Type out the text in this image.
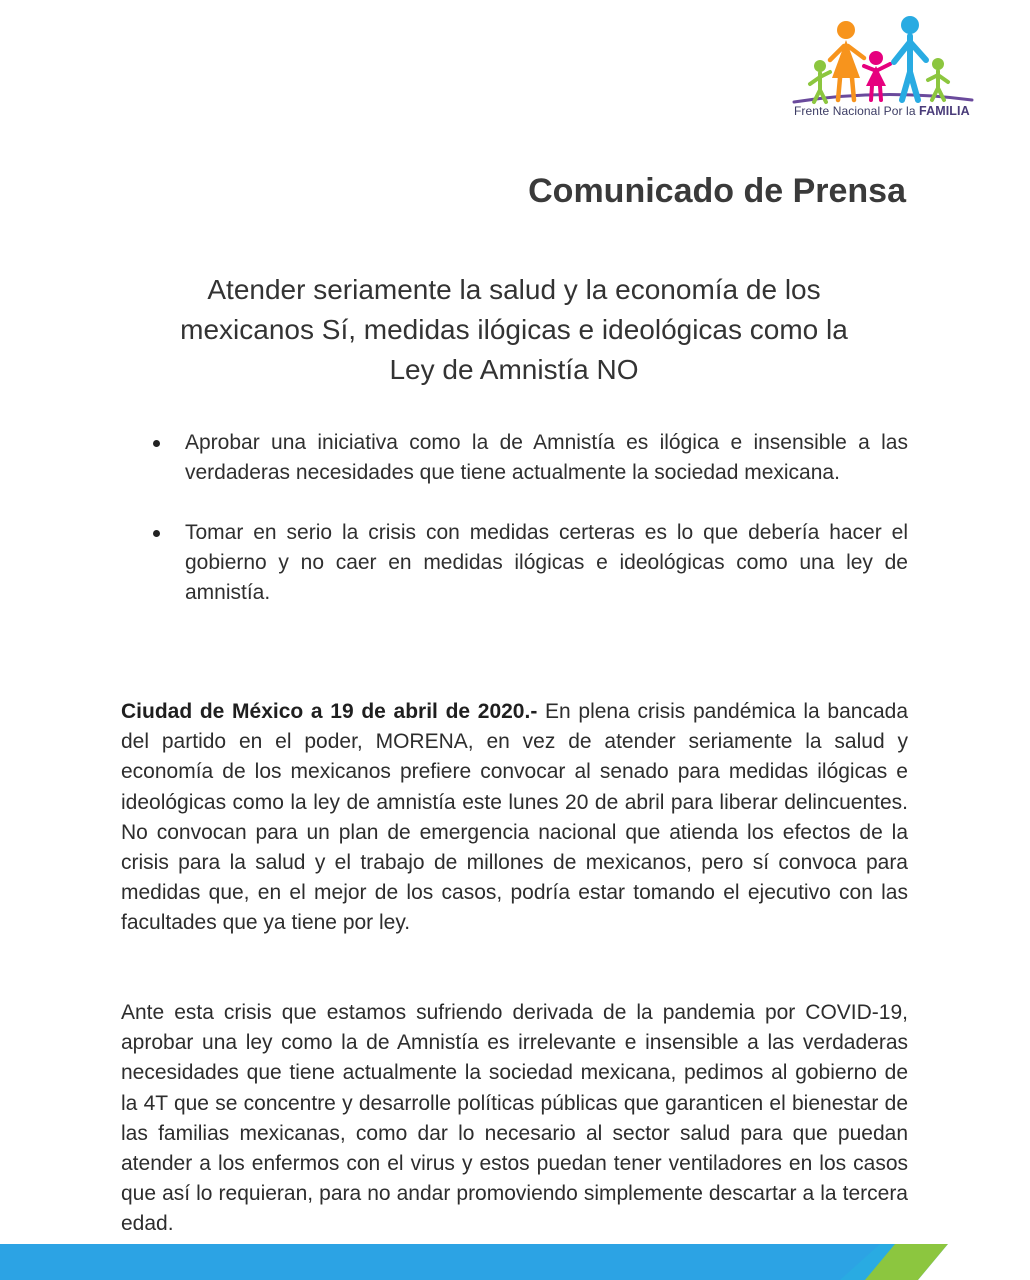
Frente Nacional Por la FAMILIA
Comunicado de Prensa
Atender seriamente la salud y la economía de los
mexicanos Sí, medidas ilógicas e ideológicas como la
Ley de Amnistía NO
Aprobar una iniciativa como la de Amnistía es ilógica e insensible a las verdaderas necesidades que tiene actualmente la sociedad mexicana.
Tomar en serio la crisis con medidas certeras es lo que debería hacer el gobierno y no caer en medidas ilógicas e ideológicas como una ley de amnistía.

Ciudad de México a 19 de abril de 2020.- En plena crisis pandémica la bancada del partido en el poder, MORENA, en vez de atender seriamente la salud y economía de los mexicanos prefiere convocar al senado para medidas ilógicas e ideológicas como la ley de amnistía este lunes 20 de abril para liberar delincuentes. No convocan para un plan de emergencia nacional que atienda los efectos de la crisis para la salud y el trabajo de millones de mexicanos, pero sí convoca para medidas que, en el mejor de los casos, podría estar tomando el ejecutivo con las facultades que ya tiene por ley.

Ante esta crisis que estamos sufriendo derivada de la pandemia por COVID-19, aprobar una ley como la de Amnistía es irrelevante e insensible a las verdaderas necesidades que tiene actualmente la sociedad mexicana, pedimos al gobierno de la 4T que se concentre y desarrolle políticas públicas que garanticen el bienestar de las familias mexicanas, como dar lo necesario al sector salud para que puedan atender a los enfermos con el virus y estos puedan tener ventiladores en los casos que así lo requieran, para no andar promoviendo simplemente descartar a la tercera edad.
